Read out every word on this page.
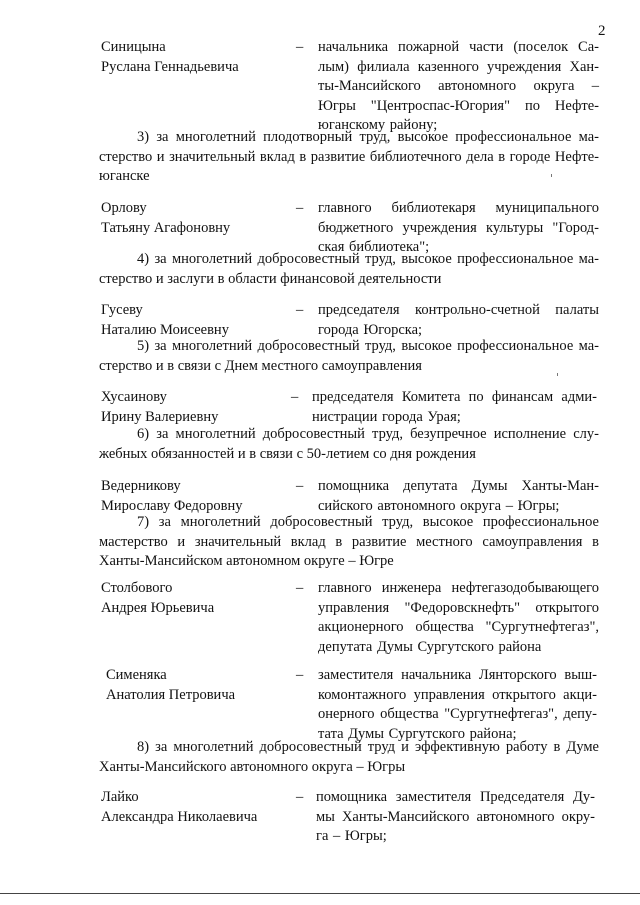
2
Синицына
Руслана Геннадьевича
– начальника пожарной части (поселок Са-
лым) филиала казенного учреждения Хан-
ты-Мансийского автономного округа –
Югры "Центроспас-Югория" по Нефте-
юганскому району;
3) за многолетний плодотворный труд, высокое профессиональное ма-
стерство и значительный вклад в развитие библиотечного дела в городе Нефте-
юганске
Орлову
Татьяну Агафоновну
– главного библиотекаря муниципального
бюджетного учреждения культуры "Город-
ская библиотека";
4) за многолетний добросовестный труд, высокое профессиональное ма-
стерство и заслуги в области финансовой деятельности
Гусеву
Наталию Моисеевну
– председателя контрольно-счетной палаты
города Югорска;
5) за многолетний добросовестный труд, высокое профессиональное ма-
стерство и в связи с Днем местного самоуправления
Хусаинову
Ирину Валериевну
– председателя Комитета по финансам адми-
нистрации города Урая;
6) за многолетний добросовестный труд, безупречное исполнение слу-
жебных обязанностей и в связи с 50-летием со дня рождения
Ведерникову
Мирославу Федоровну
– помощника депутата Думы Ханты-Ман-
сийского автономного округа – Югры;
7) за многолетний добросовестный труд, высокое профессиональное
мастерство и значительный вклад в развитие местного самоуправления в
Ханты-Мансийском автономном округе – Югре
Столбового
Андрея Юрьевича
– главного инженера нефтегазодобывающего
управления "Федоровскнефть" открытого
акционерного общества "Сургутнефтегаз",
депутата Думы Сургутского района
Сименяка
Анатолия Петровича
– заместителя начальника Лянторского выш-
комонтажного управления открытого акци-
онерного общества "Сургутнефтегаз", депу-
тата Думы Сургутского района;
8) за многолетний добросовестный труд и эффективную работу в Думе
Ханты-Мансийского автономного округа – Югры
Лайко
Александра Николаевича
– помощника заместителя Председателя Ду-
мы Ханты-Мансийского автономного окру-
га – Югры;
